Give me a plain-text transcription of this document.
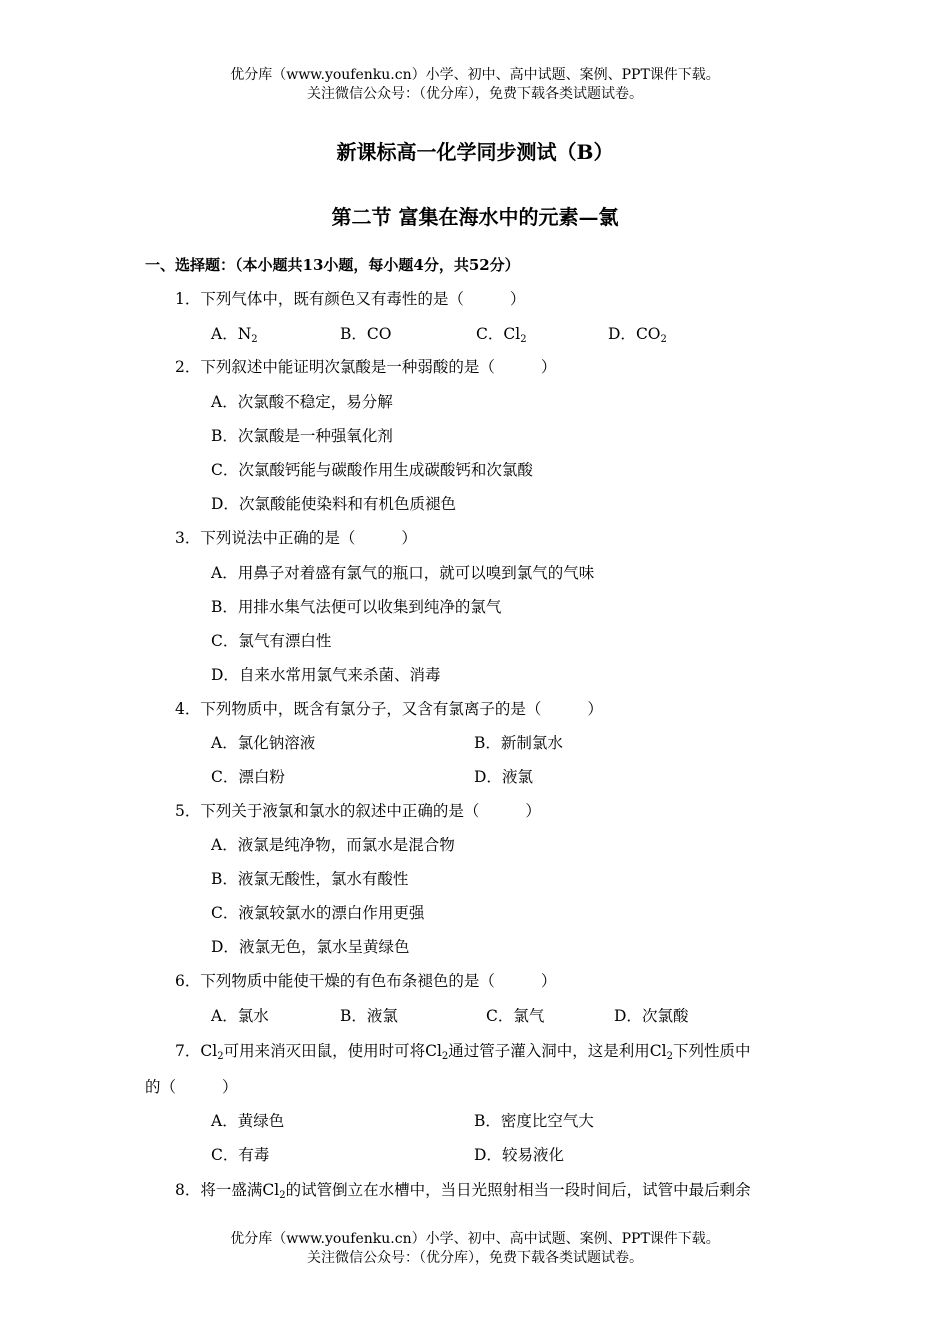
优分库（www.youfenku.cn）小学、初中、高中试题、案例、PPT课件下载。
关注微信公众号：（优分库），免费下载各类试题试卷。
新课标高一化学同步测试（B）
第二节 富集在海水中的元素—氯
一、选择题：（本小题共13小题，每小题4分，共52分）
1．下列气体中，既有颜色又有毒性的是（	）
A．$N_2$	B．CO	C．$Cl_2$	D．$CO_2$
2．下列叙述中能证明次氯酸是一种弱酸的是（	）
A．次氯酸不稳定，易分解
B．次氯酸是一种强氧化剂
C．次氯酸钙能与碳酸作用生成碳酸钙和次氯酸
D．次氯酸能使染料和有机色质褪色
3．下列说法中正确的是（	）
A．用鼻子对着盛有氯气的瓶口，就可以嗅到氯气的气味
B．用排水集气法便可以收集到纯净的氯气
C．氯气有漂白性
D．自来水常用氯气来杀菌、消毒
4．下列物质中，既含有氯分子，又含有氯离子的是（	）
A．氯化钠溶液	B．新制氯水
C．漂白粉	D．液氯
5．下列关于液氯和氯水的叙述中正确的是（	）
A．液氯是纯净物，而氯水是混合物
B．液氯无酸性，氯水有酸性
C．液氯较氯水的漂白作用更强
D．液氯无色，氯水呈黄绿色
6．下列物质中能使干燥的有色布条褪色的是（	）
A．氯水	B．液氯	C．氯气	D．次氯酸
7．$Cl_2$可用来消灭田鼠，使用时可将$Cl_2$通过管子灌入洞中，这是利用$Cl_2$下列性质中
的（	）
A．黄绿色	B．密度比空气大
C．有毒	D．较易液化
8．将一盛满$Cl_2$的试管倒立在水槽中，当日光照射相当一段时间后，试管中最后剩余
优分库（www.youfenku.cn）小学、初中、高中试题、案例、PPT课件下载。
关注微信公众号：（优分库），免费下载各类试题试卷。
